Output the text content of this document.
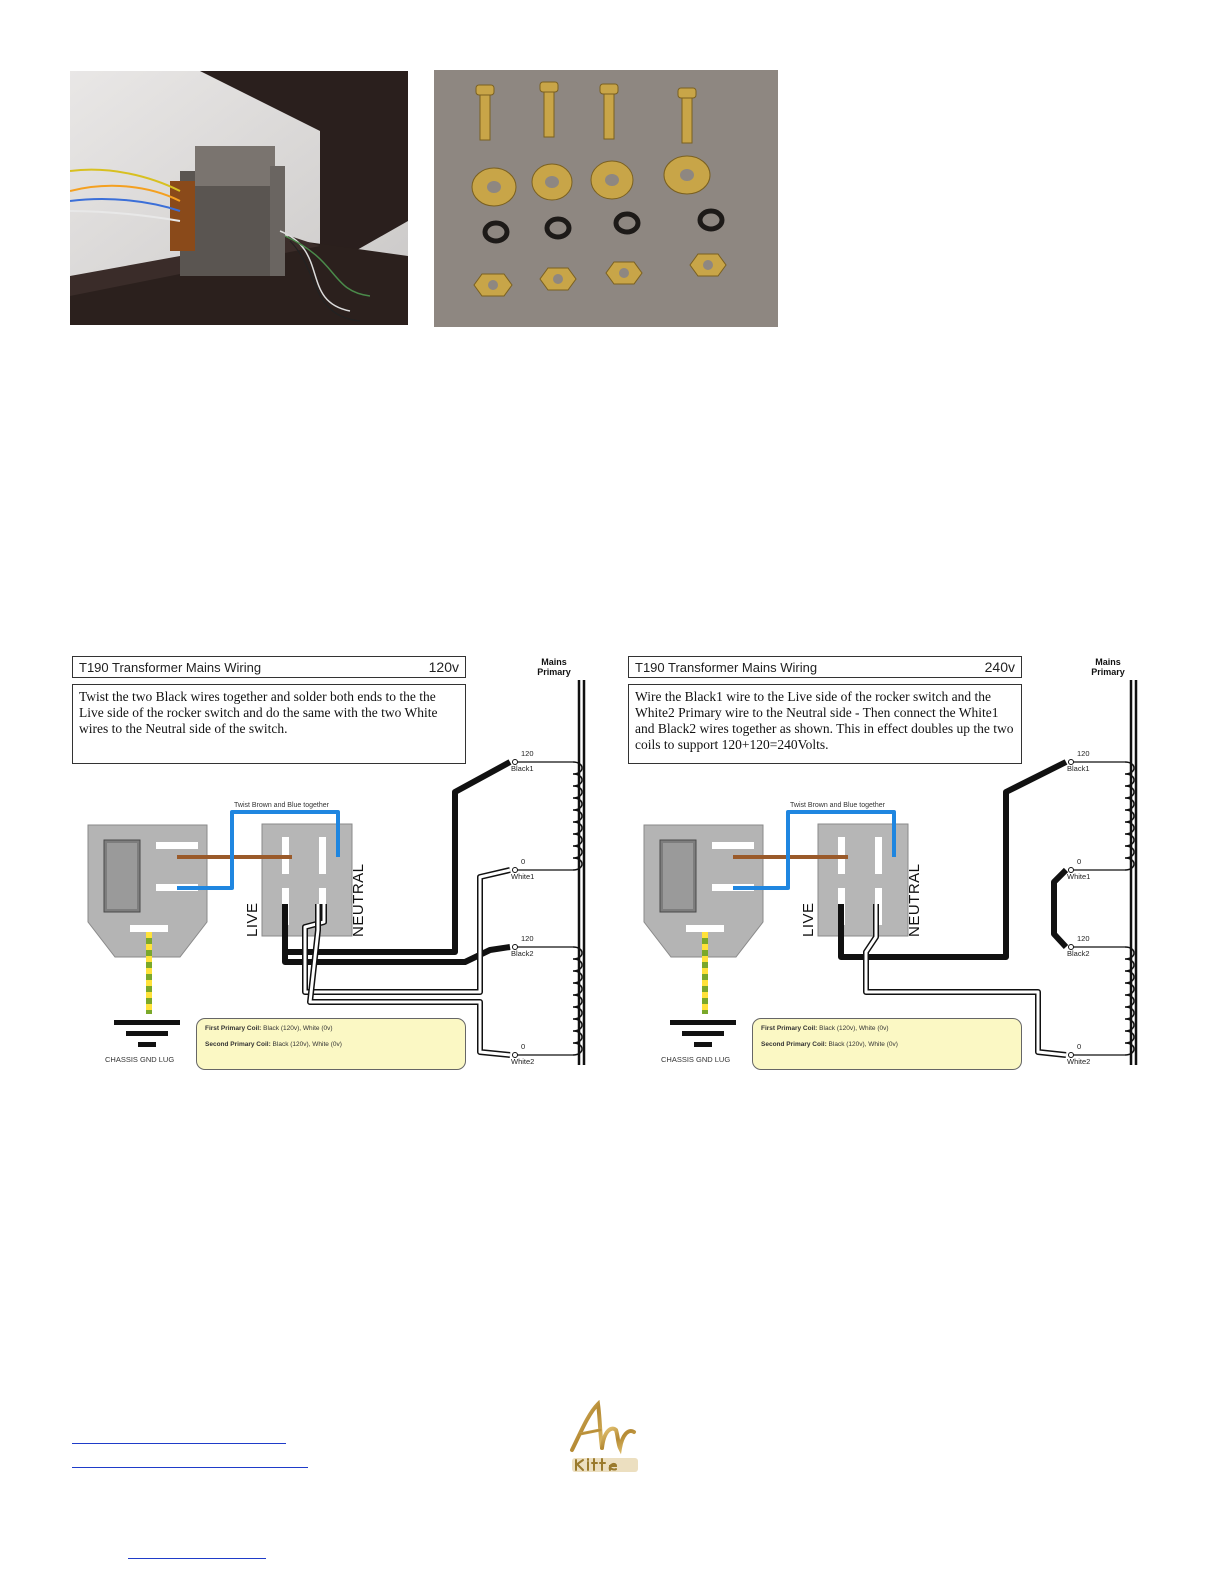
T190 Transformer Mains Wiring	120v
Twist the two Black wires together and solder both ends to the the Live side of the rocker switch and do the same with the two White wires to the Neutral side of the switch.
Mains Primary
Twist Brown and Blue together
LIVE	NEUTRAL
CHASSIS GND LUG
120
Black1
0
White1
120
Black2
0
White2
First Primary Coil: Black (120v), White (0v)
Second Primary Coil: Black (120v), White (0v)
T190 Transformer Mains Wiring	240v
Wire the Black1 wire to the Live side of the rocker switch and the White2 Primary wire to the Neutral side - Then connect the White1 and Black2 wires together as shown. This in effect doubles up the two coils to support 120+120=240Volts.
Mains Primary
Twist Brown and Blue together
LIVE	NEUTRAL
CHASSIS GND LUG
120
Black1
0
White1
120
Black2
0
White2
First Primary Coil: Black (120v), White (0v)
Second Primary Coil: Black (120v), White (0v)
